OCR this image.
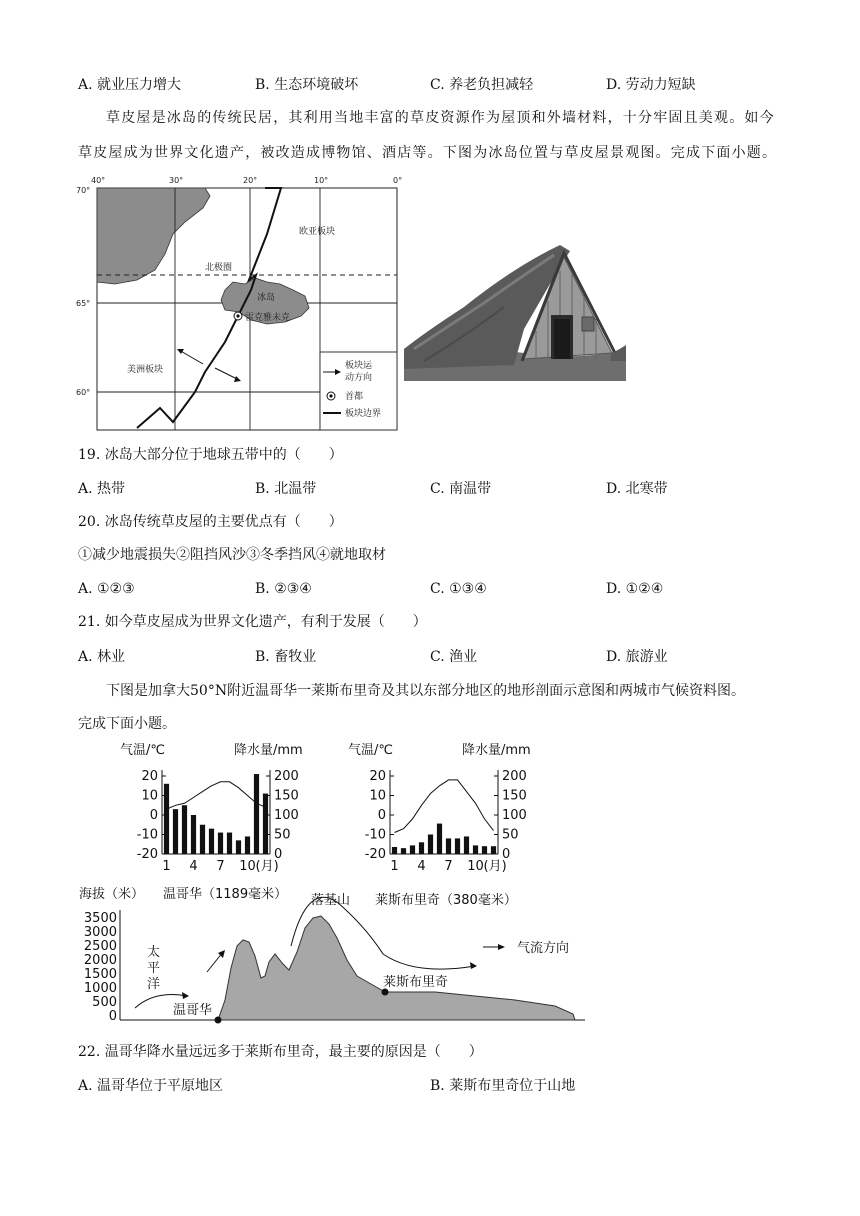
A. 就业压力增大	B. 生态环境破坏	C. 养老负担减轻	D. 劳动力短缺
草皮屋是冰岛的传统民居，其利用当地丰富的草皮资源作为屋顶和外墙材料，十分牢固且美观。如今
草皮屋成为世界文化遗产，被改造成博物馆、酒店等。下图为冰岛位置与草皮屋景观图。完成下面小题。
40°	30°	20°	10°	0°
70°
65°
60°
欧亚板块
北极圈
冰岛
雷克雅未克
美洲板块	板块运
动方向
首都
板块边界
19. 冰岛大部分位于地球五带中的（　　）
A. 热带	B. 北温带	C. 南温带	D. 北寒带
20. 冰岛传统草皮屋的主要优点有（　　）
①减少地震损失②阻挡风沙③冬季挡风④就地取材
A. ①②③	B. ②③④	C. ①③④	D. ①②④
21. 如今草皮屋成为世界文化遗产，有利于发展（　　）
A. 林业	B. 畜牧业	C. 渔业	D. 旅游业
下图是加拿大50°N附近温哥华一莱斯布里奇及其以东部分地区的地形剖面示意图和两城市气候资料图。
完成下面小题。
气温/℃	降水量/mm
20
10
0
-10
-20
200
150
100
50
0
1 4 7 10 (月)
气温/℃	降水量/mm
20
10
0
-10
-20
200
150
100
50
0
1 4 7 10 (月)
海拔（米） 温哥华（1189毫米） 落基山 莱斯布里奇（380毫米）
3500
3000
2500
2000
1500
1000
500
0
气流方向
太
平
洋
温哥华
莱斯布里奇
22. 温哥华降水量远远多于莱斯布里奇，最主要的原因是（　　）
A. 温哥华位于平原地区	B. 莱斯布里奇位于山地
